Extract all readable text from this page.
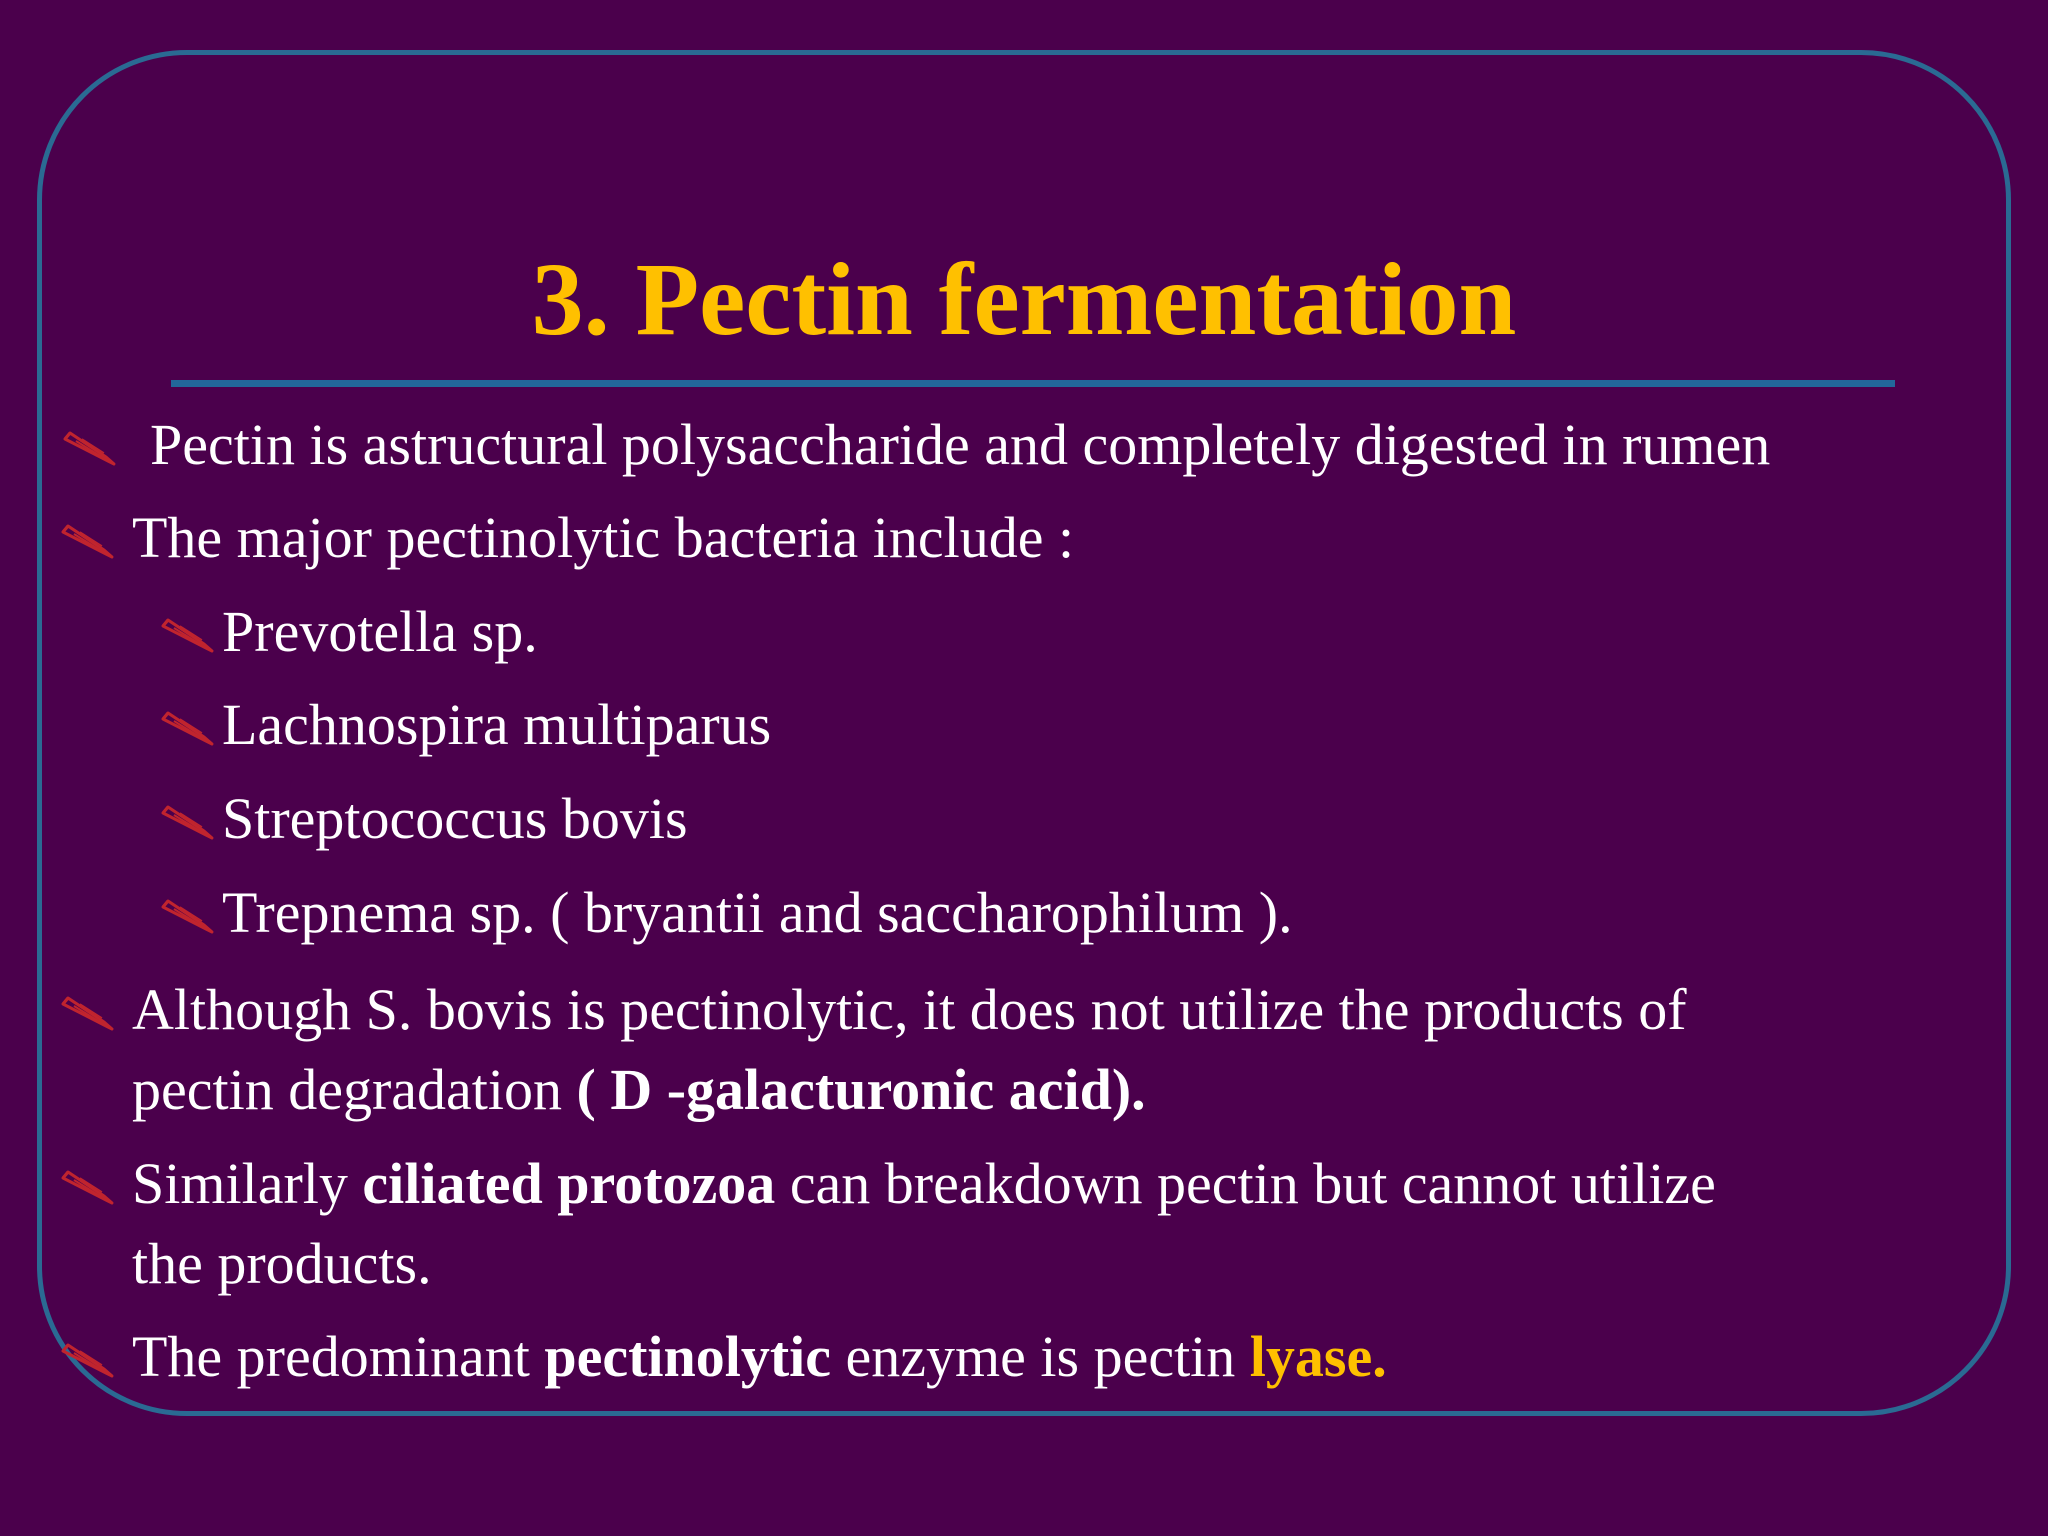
3. Pectin fermentation
Pectin is astructural polysaccharide and completely digested in rumen
The major pectinolytic bacteria include :
Prevotella sp.
Lachnospira multiparus
Streptococcus bovis
Trepnema sp. ( bryantii and saccharophilum ).
Although S. bovis is pectinolytic, it does not utilize the products of
pectin degradation ( D -galacturonic acid).
Similarly ciliated protozoa can breakdown pectin but cannot utilize
the products.
The predominant pectinolytic enzyme is pectin lyase.
